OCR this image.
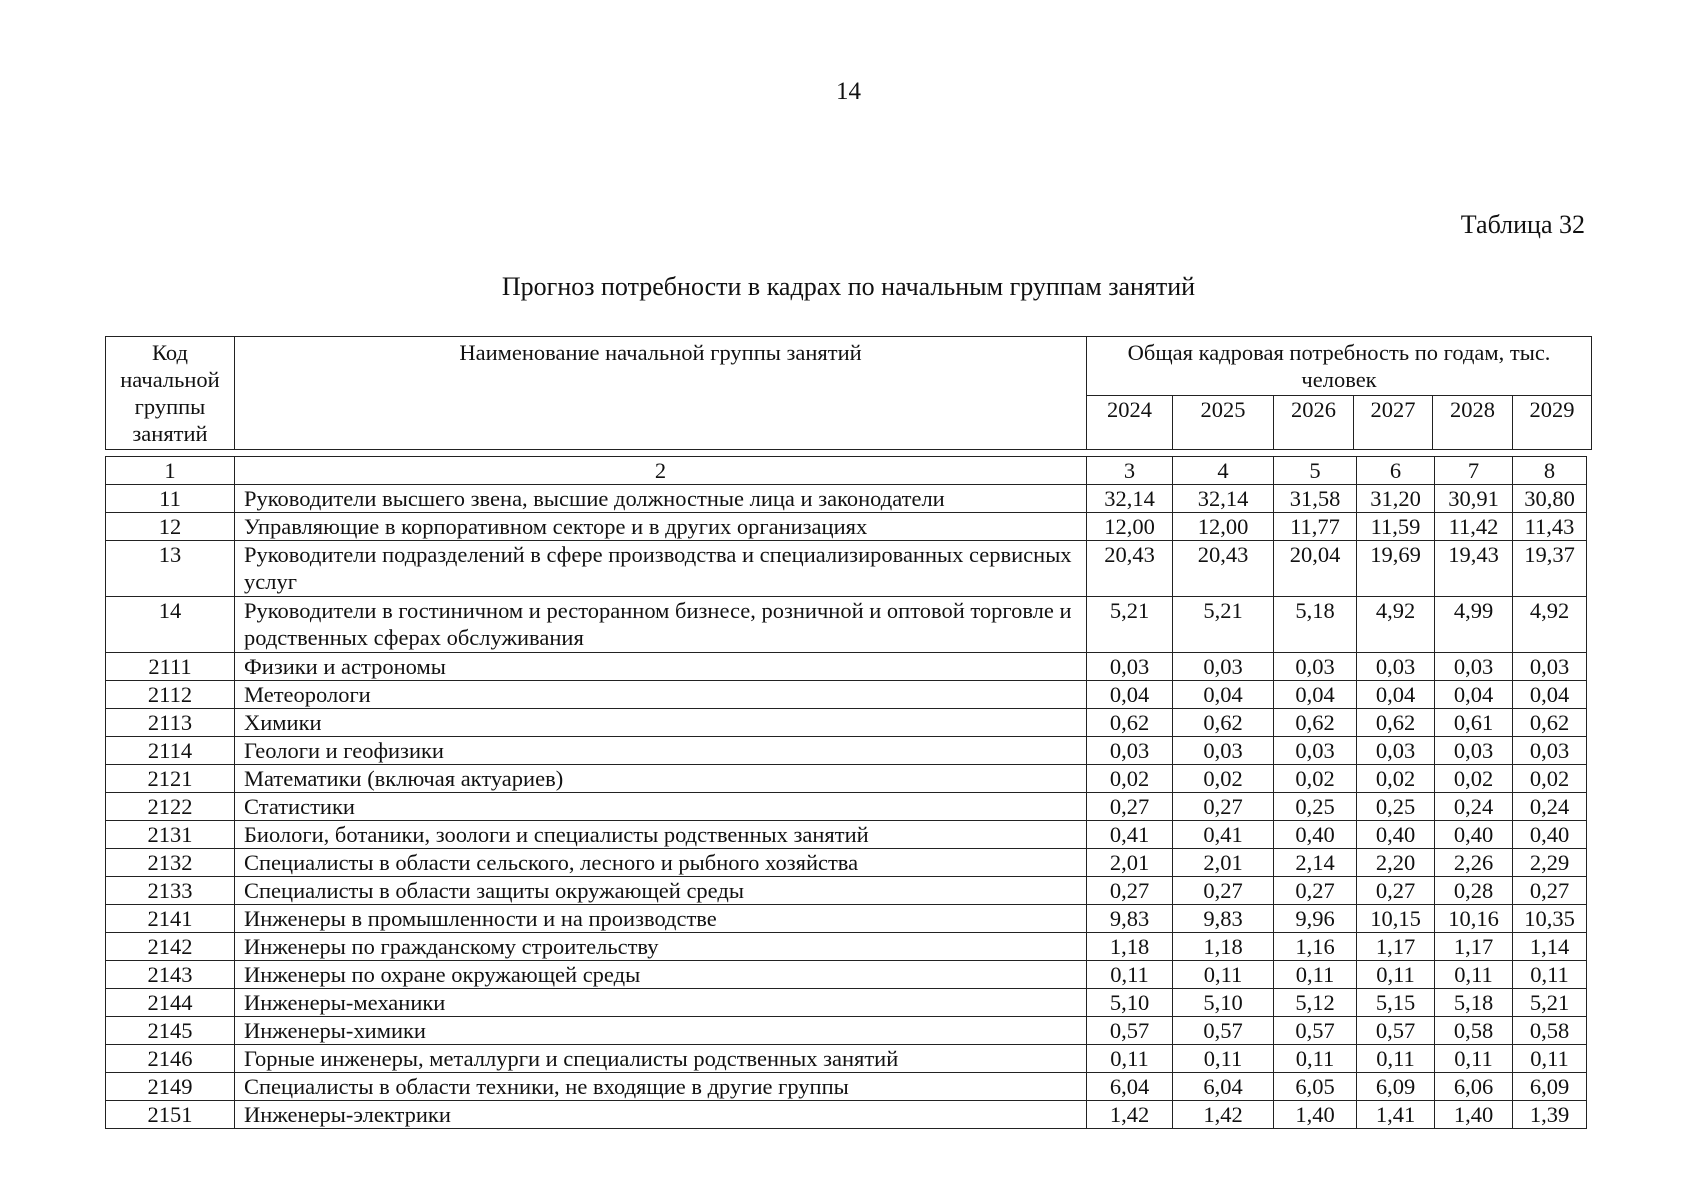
14
Таблица 32
Прогноз потребности в кадрах по начальным группам занятий
Код начальной группы занятий	Наименование начальной группы занятий	Общая кадровая потребность по годам, тыс. человек					
		2024	2025	2026	2027	2028	2029
1	2	3	4	5	6	7	8
11	Руководители высшего звена, высшие должностные лица и законодатели	32,14	32,14	31,58	31,20	30,91	30,80
12	Управляющие в корпоративном секторе и в других организациях	12,00	12,00	11,77	11,59	11,42	11,43
13	Руководители подразделений в сфере производства и специализированных сервисных услуг	20,43	20,43	20,04	19,69	19,43	19,37
14	Руководители в гостиничном и ресторанном бизнесе, розничной и оптовой торговле и родственных сферах обслуживания	5,21	5,21	5,18	4,92	4,99	4,92
2111	Физики и астрономы	0,03	0,03	0,03	0,03	0,03	0,03
2112	Метеорологи	0,04	0,04	0,04	0,04	0,04	0,04
2113	Химики	0,62	0,62	0,62	0,62	0,61	0,62
2114	Геологи и геофизики	0,03	0,03	0,03	0,03	0,03	0,03
2121	Математики (включая актуариев)	0,02	0,02	0,02	0,02	0,02	0,02
2122	Статистики	0,27	0,27	0,25	0,25	0,24	0,24
2131	Биологи, ботаники, зоологи и специалисты родственных занятий	0,41	0,41	0,40	0,40	0,40	0,40
2132	Специалисты в области сельского, лесного и рыбного хозяйства	2,01	2,01	2,14	2,20	2,26	2,29
2133	Специалисты в области защиты окружающей среды	0,27	0,27	0,27	0,27	0,28	0,27
2141	Инженеры в промышленности и на производстве	9,83	9,83	9,96	10,15	10,16	10,35
2142	Инженеры по гражданскому строительству	1,18	1,18	1,16	1,17	1,17	1,14
2143	Инженеры по охране окружающей среды	0,11	0,11	0,11	0,11	0,11	0,11
2144	Инженеры-механики	5,10	5,10	5,12	5,15	5,18	5,21
2145	Инженеры-химики	0,57	0,57	0,57	0,57	0,58	0,58
2146	Горные инженеры, металлурги и специалисты родственных занятий	0,11	0,11	0,11	0,11	0,11	0,11
2149	Специалисты в области техники, не входящие в другие группы	6,04	6,04	6,05	6,09	6,06	6,09
2151	Инженеры-электрики	1,42	1,42	1,40	1,41	1,40	1,39
